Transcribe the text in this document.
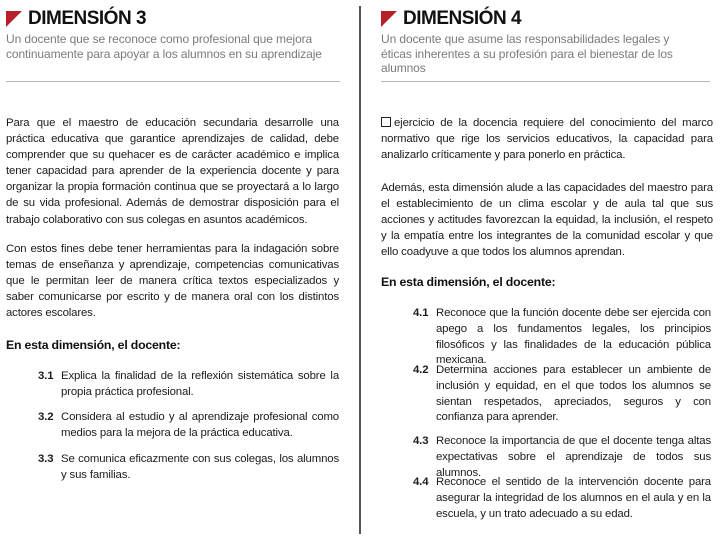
DIMENSIÓN 3
Un docente que se reconoce como profesional que mejora continuamente para apoyar a los alumnos en su aprendizaje
Para que el maestro de educación secundaria desarrolle una práctica educativa que garantice aprendizajes de calidad, debe comprender que su quehacer es de carácter académico e implica tener capacidad para aprender de la experiencia docente y para organizar la propia formación continua que se proyectará a lo largo de su vida profesional. Además de demostrar disposición para el trabajo colaborativo con sus colegas en asuntos académicos.
Con estos fines debe tener herramientas para la indagación sobre temas de enseñanza y aprendizaje, competencias comunicativas que le permitan leer de manera crítica textos especializados y saber comunicarse por escrito y de manera oral con los distintos actores escolares.
En esta dimensión, el docente:
3.1 Explica la finalidad de la reflexión sistemática sobre la propia práctica profesional.
3.2 Considera al estudio y al aprendizaje profesional como medios para la mejora de la práctica educativa.
3.3 Se comunica eficazmente con sus colegas, los alumnos y sus familias.
DIMENSIÓN 4
Un docente que asume las responsabilidades legales y éticas inherentes a su profesión para el bienestar de los alumnos
ejercicio de la docencia requiere del conocimiento del marco normativo que rige los servicios educativos, la capacidad para analizarlo críticamente y para ponerlo en práctica.
Además, esta dimensión alude a las capacidades del maestro para el establecimiento de un clima escolar y de aula tal que sus acciones y actitudes favorezcan la equidad, la inclusión, el respeto y la empatía entre los integrantes de la comunidad escolar y que ello coadyuve a que todos los alumnos aprendan.
En esta dimensión, el docente:
4.1 Reconoce que la función docente debe ser ejercida con apego a los fundamentos legales, los principios filosóficos y las finalidades de la educación pública mexicana.
4.2 Determina acciones para establecer un ambiente de inclusión y equidad, en el que todos los alumnos se sientan respetados, apreciados, seguros y con confianza para aprender.
4.3 Reconoce la importancia de que el docente tenga altas expectativas sobre el aprendizaje de todos sus alumnos.
4.4 Reconoce el sentido de la intervención docente para asegurar la integridad de los alumnos en el aula y en la escuela, y un trato adecuado a su edad.
